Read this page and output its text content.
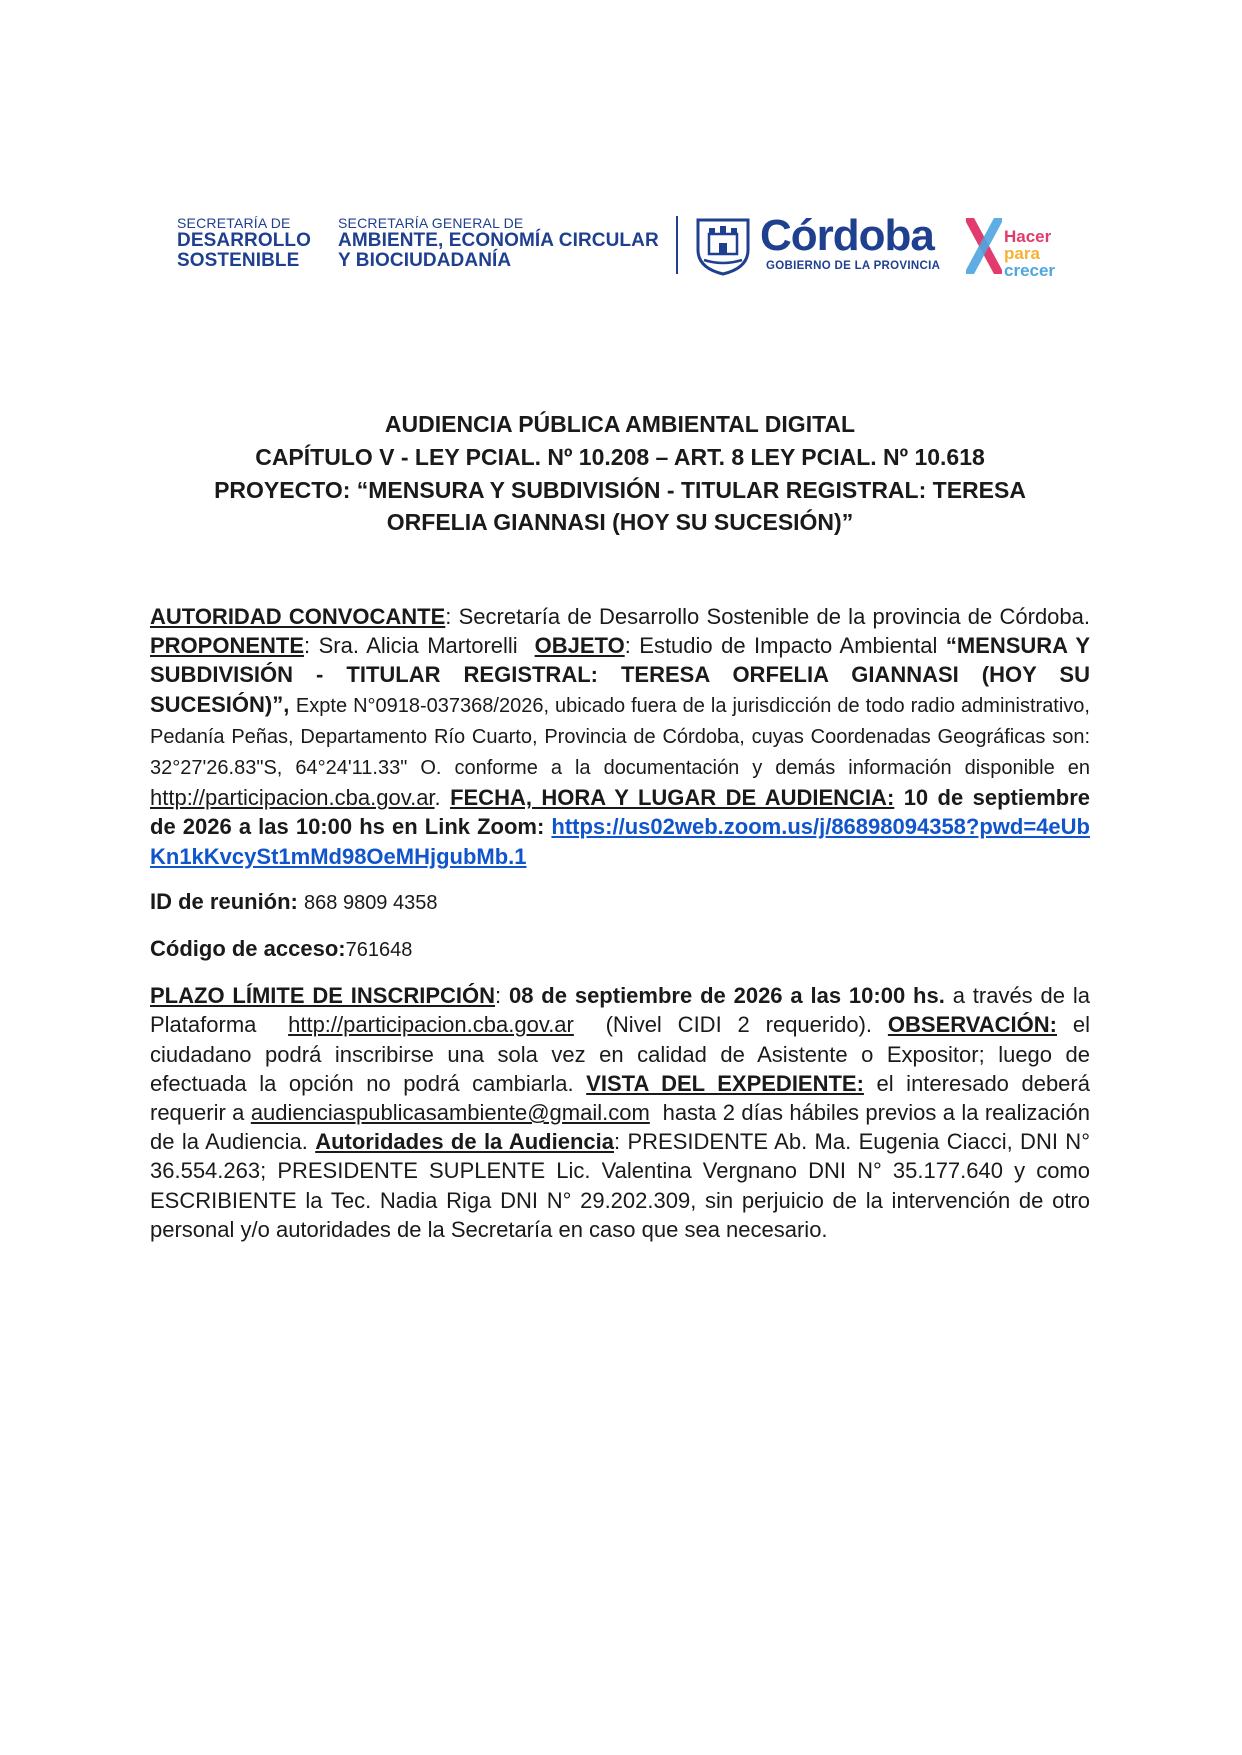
SECRETARÍA DE
DESARROLLO
SOSTENIBLE
SECRETARÍA GENERAL DE
AMBIENTE, ECONOMÍA CIRCULAR
Y BIOCIUDADANÍA
Córdoba
GOBIERNO DE LA PROVINCIA
Hacer
para
crecer
AUDIENCIA PÚBLICA AMBIENTAL DIGITAL
CAPÍTULO V - LEY PCIAL. Nº 10.208 – ART. 8 LEY PCIAL. Nº 10.618
PROYECTO: “MENSURA Y SUBDIVISIÓN - TITULAR REGISTRAL: TERESA
ORFELIA GIANNASI (HOY SU SUCESIÓN)”

AUTORIDAD CONVOCANTE: Secretaría de Desarrollo Sostenible de la provincia de Córdoba. PROPONENTE: Sra. Alicia Martorelli OBJETO: Estudio de Impacto Ambiental “MENSURA Y SUBDIVISIÓN - TITULAR REGISTRAL: TERESA ORFELIA GIANNASI (HOY SU SUCESIÓN)”, Expte N°0918-037368/2026, ubicado fuera de la jurisdicción de todo radio administrativo, Pedanía Peñas, Departamento Río Cuarto, Provincia de Córdoba, cuyas Coordenadas Geográficas son: 32°27'26.83"S, 64°24'11.33" O. conforme a la documentación y demás información disponible en http://participacion.cba.gov.ar. FECHA, HORA Y LUGAR DE AUDIENCIA: 10 de septiembre de 2026 a las 10:00 hs en Link Zoom: https://us02web.zoom.us/j/86898094358?pwd=4eUbKn1kKvcySt1mMd98OeMHjgubMb.1

ID de reunión: 868 9809 4358

Código de acceso:761648

PLAZO LÍMITE DE INSCRIPCIÓN: 08 de septiembre de 2026 a las 10:00 hs. a través de la Plataforma http://participacion.cba.gov.ar (Nivel CIDI 2 requerido). OBSERVACIÓN: el ciudadano podrá inscribirse una sola vez en calidad de Asistente o Expositor; luego de efectuada la opción no podrá cambiarla. VISTA DEL EXPEDIENTE: el interesado deberá requerir a audienciaspublicasambiente@gmail.com hasta 2 días hábiles previos a la realización de la Audiencia. Autoridades de la Audiencia: PRESIDENTE Ab. Ma. Eugenia Ciacci, DNI N° 36.554.263; PRESIDENTE SUPLENTE Lic. Valentina Vergnano DNI N° 35.177.640 y como ESCRIBIENTE la Tec. Nadia Riga DNI N° 29.202.309, sin perjuicio de la intervención de otro personal y/o autoridades de la Secretaría en caso que sea necesario.
